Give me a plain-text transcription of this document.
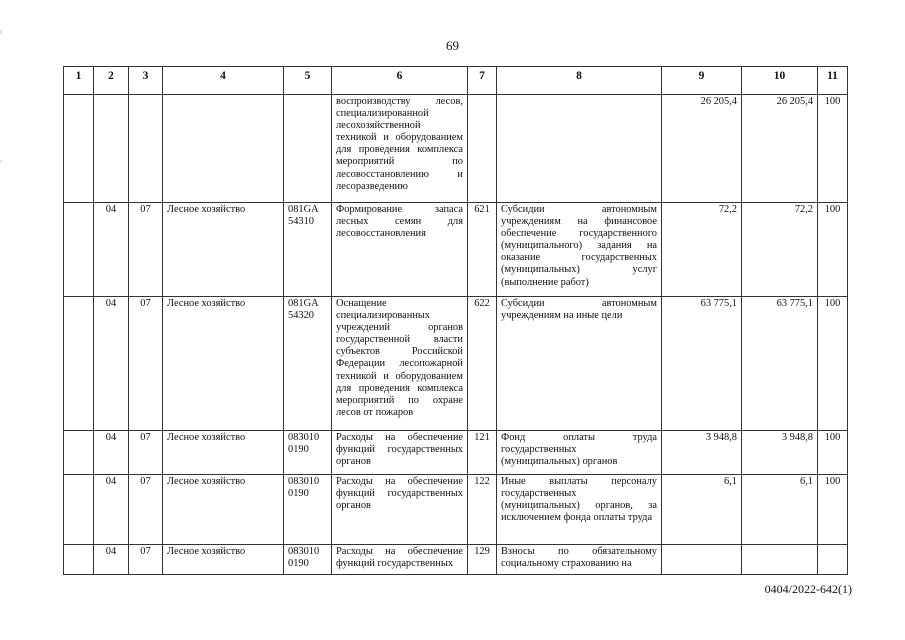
69
1	2	3	4	5	6	7	8	9	10	11
					воспроизводству лесов, специализированной лесохозяйственной техникой и оборудованием для проведения комплекса мероприятий по лесовосстановлению и лесоразведению			26 205,4	26 205,4	100
	04	07	Лесное хозяйство	081GA 54310	Формирование запаса лесных семян для лесовосстановления	621	Субсидии автономным учреждениям на финансовое обеспечение государственного (муниципального) задания на оказание государственных (муниципальных) услуг (выполнение работ)	72,2	72,2	100
	04	07	Лесное хозяйство	081GA 54320	Оснащение специализированных учреждений органов государственной власти субъектов Российской Федерации лесопожарной техникой и оборудованием для проведения комплекса мероприятий по охране лесов от пожаров	622	Субсидии автономным учреждениям на иные цели	63 775,1	63 775,1	100
	04	07	Лесное хозяйство	083010 0190	Расходы на обеспечение функций государственных органов	121	Фонд оплаты труда государственных (муниципальных) органов	3 948,8	3 948,8	100
	04	07	Лесное хозяйство	083010 0190	Расходы на обеспечение функций государственных органов	122	Иные выплаты персоналу государственных (муниципальных) органов, за исключением фонда оплаты труда	6,1	6,1	100
	04	07	Лесное хозяйство	083010 0190	Расходы на обеспечение функций государственных	129	Взносы по обязательному социальному страхованию на			
0404/2022-642(1)
